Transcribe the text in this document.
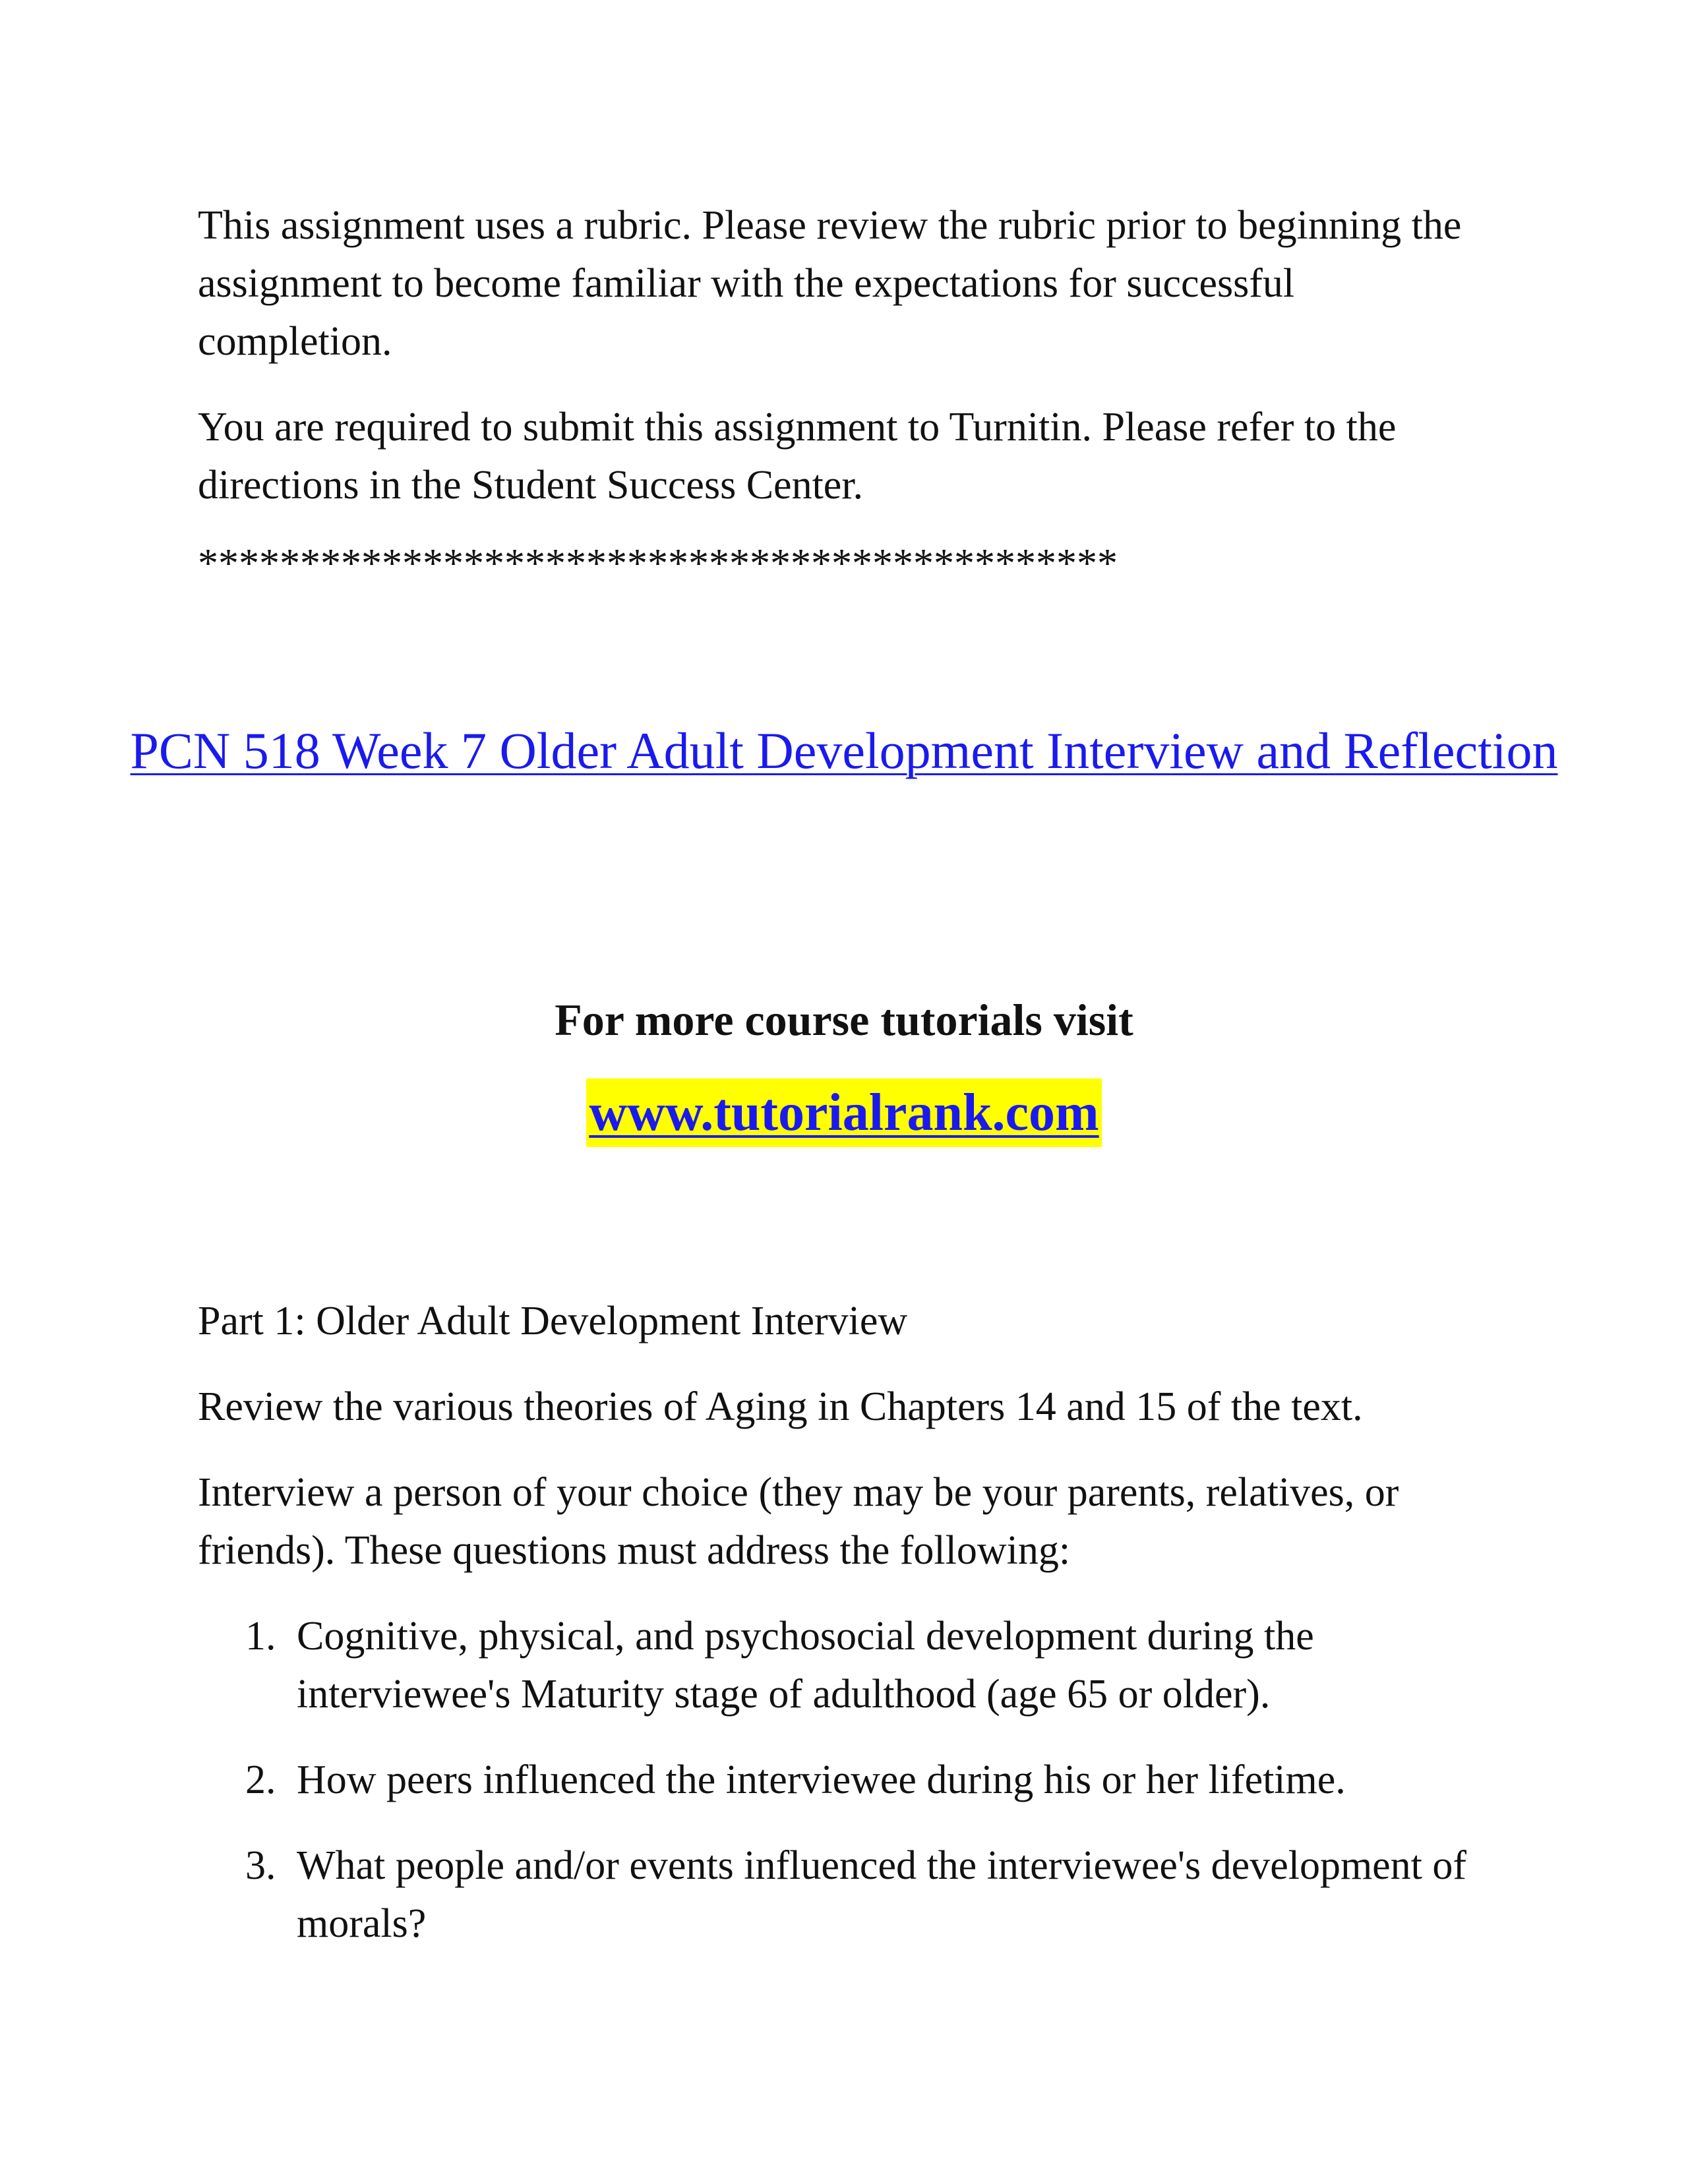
This assignment uses a rubric. Please review the rubric prior to beginning the assignment to become familiar with the expectations for successful completion.

You are required to submit this assignment to Turnitin. Please refer to the directions in the Student Success Center.

*********************************************

PCN 518 Week 7 Older Adult Development Interview and Reflection

For more course tutorials visit

www.tutorialrank.com

Part 1: Older Adult Development Interview

Review the various theories of Aging in Chapters 14 and 15 of the text.

Interview a person of your choice (they may be your parents, relatives, or friends). These questions must address the following:

1. Cognitive, physical, and psychosocial development during the interviewee's Maturity stage of adulthood (age 65 or older).
2. How peers influenced the interviewee during his or her lifetime.
3. What people and/or events influenced the interviewee's development of morals?
